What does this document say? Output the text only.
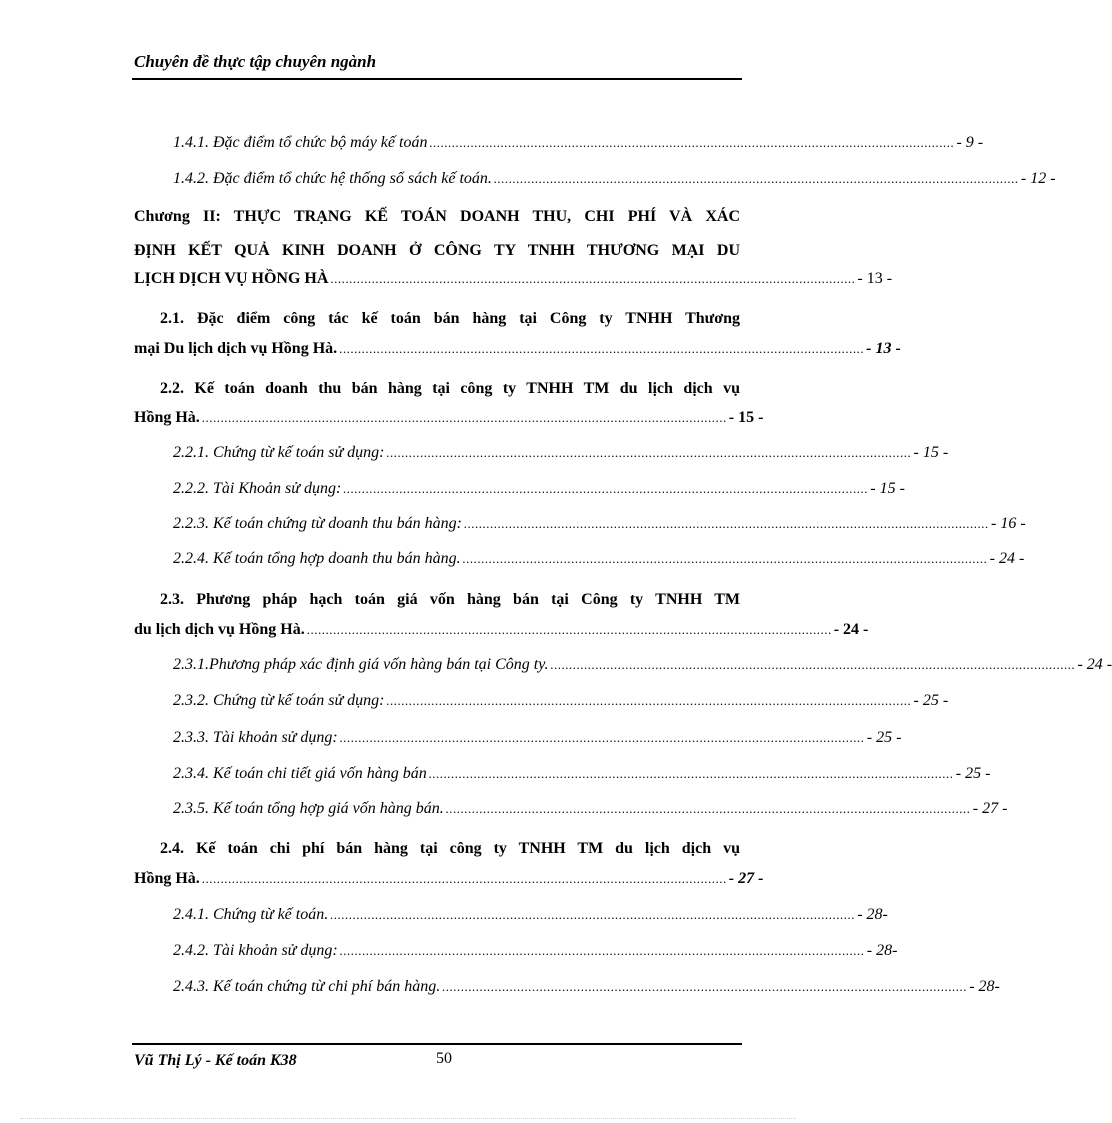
Chuyên đề thực tập chuyên ngành
1.4.1. Đặc điểm tổ chức bộ máy kế toán ............................................................................................................................................ - 9 -
1.4.2. Đặc điểm tổ chức hệ thống sổ sách kế toán. ............................................................................................................................................ - 12 -
Chương II: THỰC TRẠNG KẾ TOÁN DOANH THU, CHI PHÍ VÀ XÁC
ĐỊNH KẾT QUẢ KINH DOANH Ở CÔNG TY TNHH THƯƠNG MẠI DU
LỊCH DỊCH VỤ HỒNG HÀ ............................................................................................................................................ - 13 -
2.1. Đặc điểm công tác kế toán bán hàng tại Công ty TNHH Thương
mại Du lịch dịch vụ Hồng Hà. ............................................................................................................................................ - 13 -
2.2. Kế toán doanh thu bán hàng tại công ty TNHH TM du lịch dịch vụ
Hồng Hà. ............................................................................................................................................ - 15 -
2.2.1. Chứng từ kế toán sử dụng: ............................................................................................................................................ - 15 -
2.2.2. Tài Khoản sử dụng: ............................................................................................................................................ - 15 -
2.2.3. Kế toán chứng từ doanh thu bán hàng: ............................................................................................................................................ - 16 -
2.2.4. Kế toán tổng hợp doanh thu bán hàng. ............................................................................................................................................ - 24 -
2.3. Phương pháp hạch toán giá vốn hàng bán tại Công ty TNHH TM
du lịch dịch vụ Hồng Hà. ............................................................................................................................................ - 24 -
2.3.1.Phương pháp xác định giá vốn hàng bán tại Công ty. ............................................................................................................................................ - 24 -
2.3.2. Chứng từ kế toán sử dụng: ............................................................................................................................................ - 25 -
2.3.3. Tài khoản sử dụng: ............................................................................................................................................ - 25 -
2.3.4. Kế toán chi tiết giá vốn hàng bán ............................................................................................................................................ - 25 -
2.3.5. Kế toán tổng hợp giá vốn hàng bán. ............................................................................................................................................ - 27 -
2.4. Kế toán chi phí bán hàng tại công ty TNHH TM du lịch dịch vụ
Hồng Hà. ............................................................................................................................................ - 27 -
2.4.1. Chứng từ kế toán. ............................................................................................................................................ - 28-
2.4.2. Tài khoản sử dụng: ............................................................................................................................................ - 28-
2.4.3. Kế toán chứng từ chi phí bán hàng. ............................................................................................................................................ - 28-
Vũ Thị Lý - Kế toán K38	50
